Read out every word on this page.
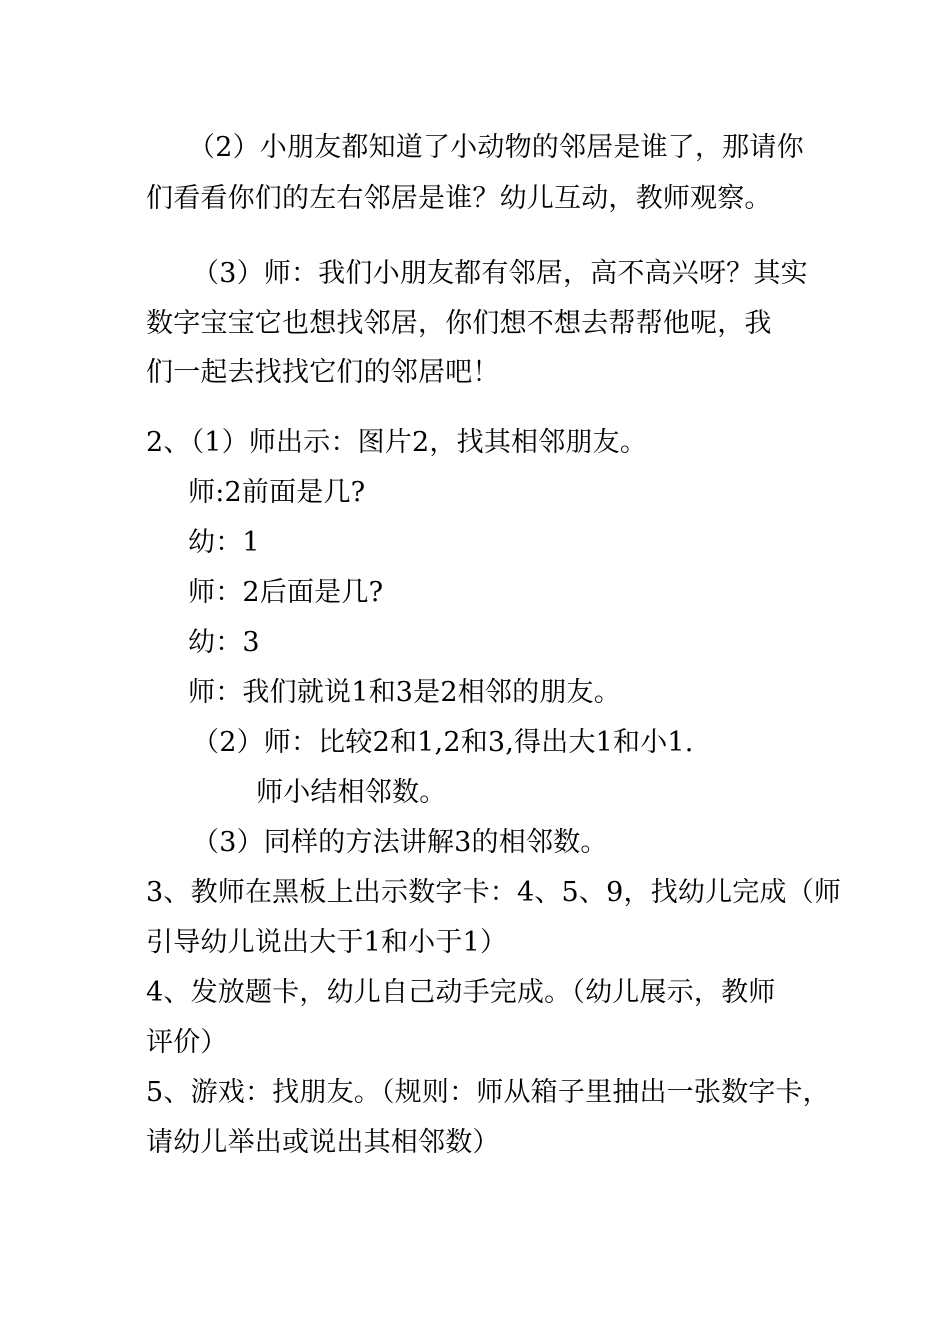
（2）小朋友都知道了小动物的邻居是谁了，那请你
们看看你们的左右邻居是谁？幼儿互动，教师观察。
（3）师：我们小朋友都有邻居，高不高兴呀？其实
数字宝宝它也想找邻居，你们想不想去帮帮他呢，我
们一起去找找它们的邻居吧！
2、（1）师出示：图片2，找其相邻朋友。
师:2前面是几?
幼：1
师：2后面是几?
幼：3
师：我们就说1和3是2相邻的朋友。
（2）师：比较2和1,2和3,得出大1和小1.
师小结相邻数。
（3）同样的方法讲解3的相邻数。
3、教师在黑板上出示数字卡：4、5、9，找幼儿完成（师
引导幼儿说出大于1和小于1）
4、发放题卡，幼儿自己动手完成。（幼儿展示，教师
评价）
5、游戏：找朋友。（规则：师从箱子里抽出一张数字卡，
请幼儿举出或说出其相邻数）
